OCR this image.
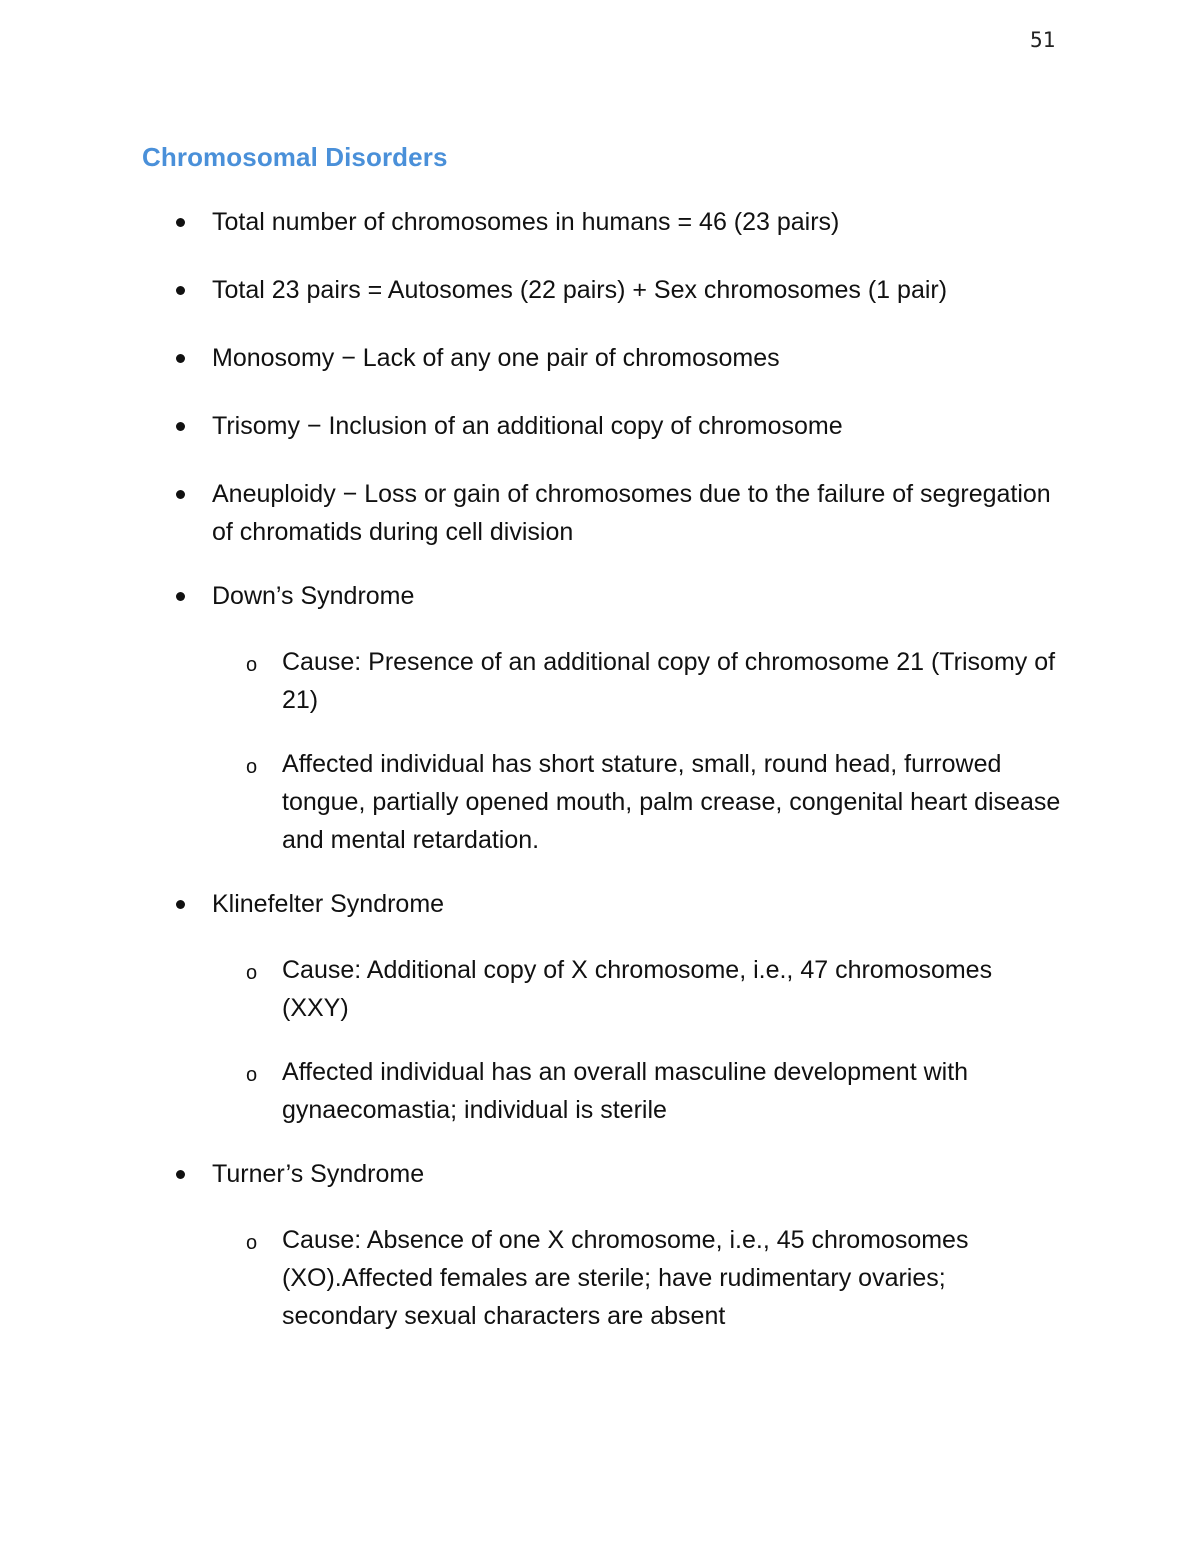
51
Chromosomal Disorders
Total number of chromosomes in humans = 46 (23 pairs)
Total 23 pairs = Autosomes (22 pairs) + Sex chromosomes (1 pair)
Monosomy − Lack of any one pair of chromosomes
Trisomy − Inclusion of an additional copy of chromosome
Aneuploidy − Loss or gain of chromosomes due to the failure of segregation of chromatids during cell division
Down’s Syndrome
o Cause: Presence of an additional copy of chromosome 21 (Trisomy of 21)
o Affected individual has short stature, small, round head, furrowed tongue, partially opened mouth, palm crease, congenital heart disease and mental retardation.
Klinefelter Syndrome
o Cause: Additional copy of X chromosome, i.e., 47 chromosomes (XXY)
o Affected individual has an overall masculine development with gynaecomastia; individual is sterile
Turner’s Syndrome
o Cause: Absence of one X chromosome, i.e., 45 chromosomes (XO).Affected females are sterile; have rudimentary ovaries; secondary sexual characters are absent
